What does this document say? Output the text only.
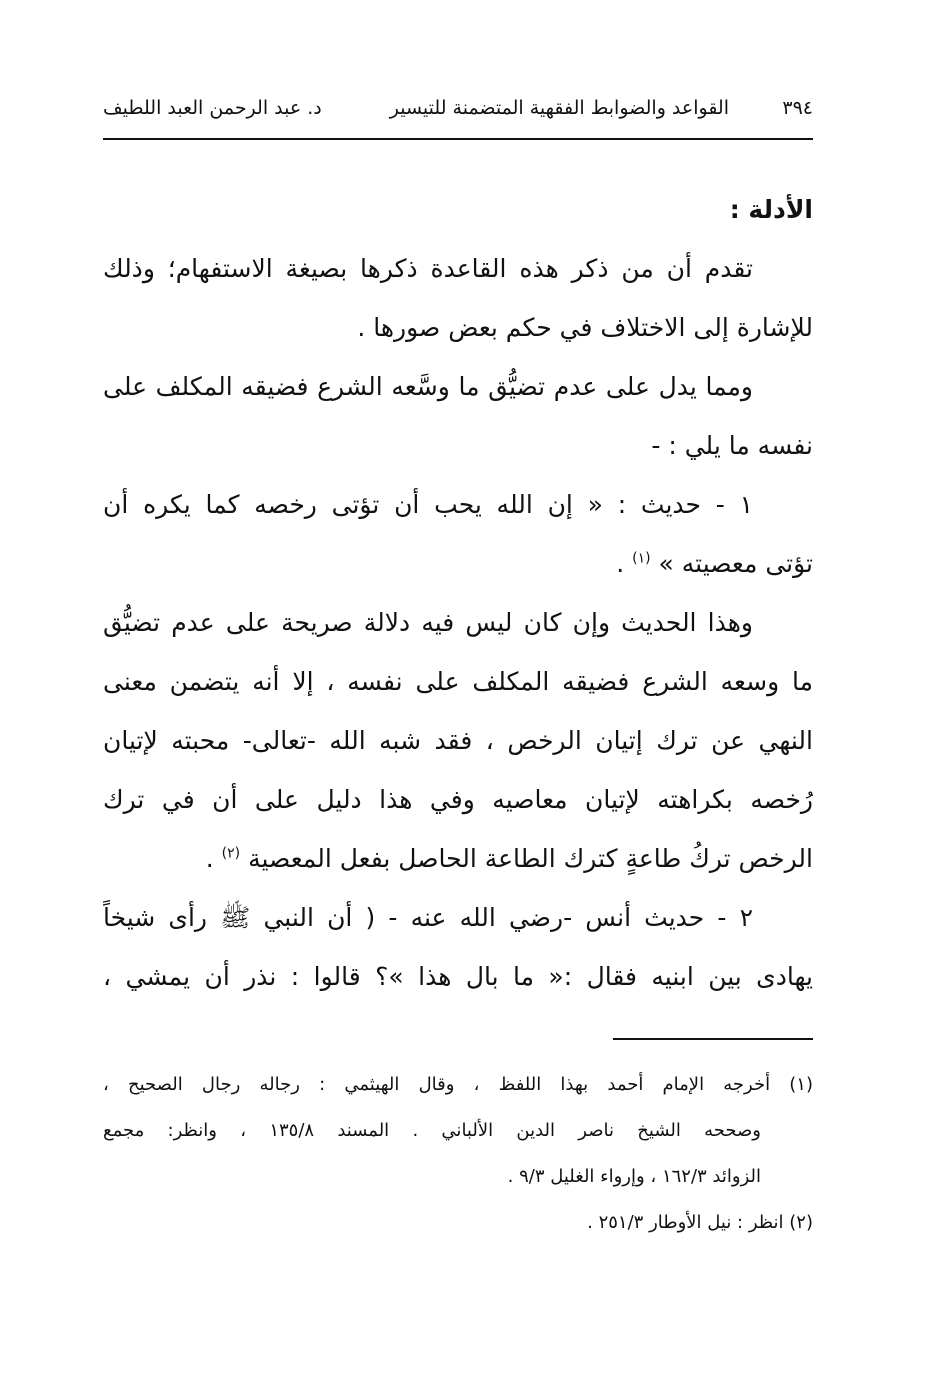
٣٩٤
القواعد والضوابط الفقهية المتضمنة للتيسير
د. عبد الرحمن العبد اللطيف
الأدلة :
تقدم أن من ذكر هذه القاعدة ذكرها بصيغة الاستفهام؛ وذلك
للإشارة إلى الاختلاف في حكم بعض صورها .
ومما يدل على عدم تضيُّق ما وسَّعه الشرع فضيقه المكلف على
نفسه ما يلي : -
١ - حديث : « إن الله يحب أن تؤتى رخصه كما يكره أن
تؤتى معصيته » $^{(١)}$ .
وهذا الحديث وإن كان ليس فيه دلالة صريحة على عدم تضيُّق
ما وسعه الشرع فضيقه المكلف على نفسه ، إلا أنه يتضمن معنى
النهي عن ترك إتيان الرخص ، فقد شبه الله -تعالى- محبته لإتيان
رُخصه بكراهته لإتيان معاصيه وفي هذا دليل على أن في ترك
الرخص تركُ طاعةٍ كترك الطاعة الحاصل بفعل المعصية $^{(٢)}$ .
٢ - حديث أنس -رضي الله عنه - ( أن النبي ﷺ رأى شيخاً
يهادى بين ابنيه فقال :« ما بال هذا »؟ قالوا : نذر أن يمشي ،
(١) أخرجه الإمام أحمد بهذا اللفظ ، وقال الهيثمي : رجاله رجال الصحيح ،
وصححه الشيخ ناصر الدين الألباني . المسند ١٣٥/٨ ، وانظر: مجمع
الزوائد ١٦٢/٣ ، وإرواء الغليل ٩/٣ .
(٢) انظر : نيل الأوطار ٢٥١/٣ .
